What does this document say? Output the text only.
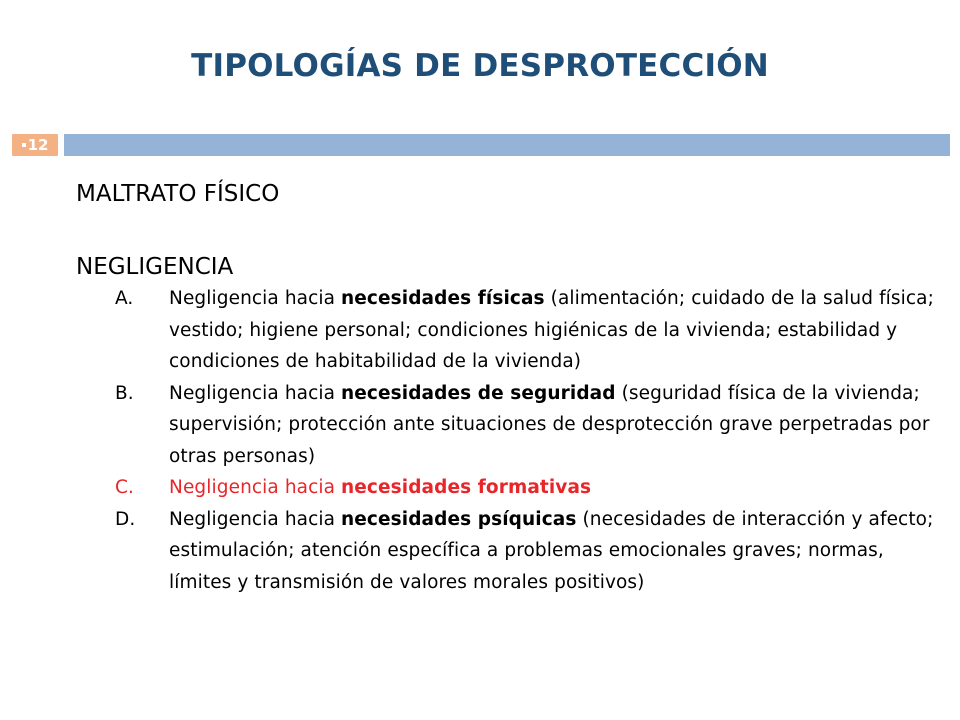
TIPOLOGÍAS DE DESPROTECCIÓN
12

MALTRATO FÍSICO

NEGLIGENCIA

A. Negligencia hacia necesidades físicas (alimentación; cuidado de la salud física; vestido; higiene personal; condiciones higiénicas de la vivienda; estabilidad y condiciones de habitabilidad de la vivienda)
B. Negligencia hacia necesidades de seguridad (seguridad física de la vivienda; supervisión; protección ante situaciones de desprotección grave perpetradas por otras personas)
C. Negligencia hacia necesidades formativas
D. Negligencia hacia necesidades psíquicas (necesidades de interacción y afecto; estimulación; atención específica a problemas emocionales graves; normas, límites y transmisión de valores morales positivos)
